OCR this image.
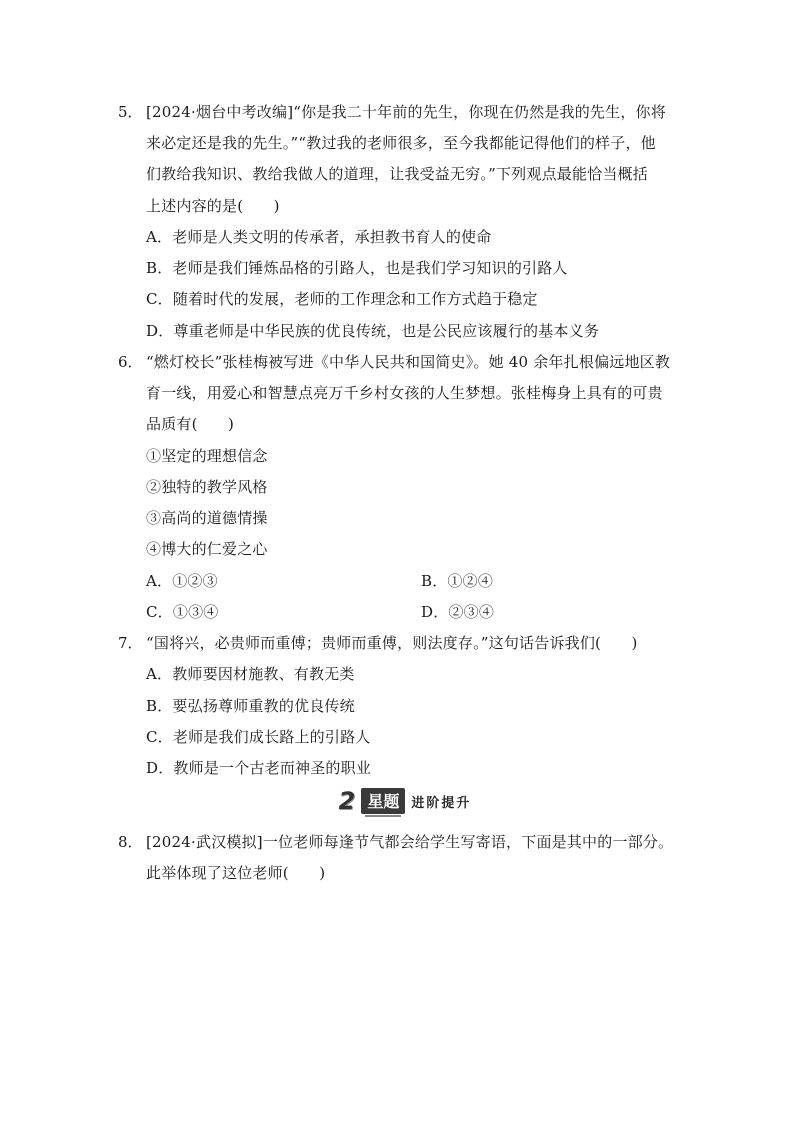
5． [2024·烟台中考改编]“你是我二十年前的先生，你现在仍然是我的先生，你将
来必定还是我的先生。”“教过我的老师很多，至今我都能记得他们的样子，他
们教给我知识、教给我做人的道理，让我受益无穷。”下列观点最能恰当概括
上述内容的是(　　)
A．老师是人类文明的传承者，承担教书育人的使命
B．老师是我们锤炼品格的引路人，也是我们学习知识的引路人
C．随着时代的发展，老师的工作理念和工作方式趋于稳定
D．尊重老师是中华民族的优良传统，也是公民应该履行的基本义务
6． “燃灯校长”张桂梅被写进《中华人民共和国简史》。她 40 余年扎根偏远地区教
育一线，用爱心和智慧点亮万千乡村女孩的人生梦想。张桂梅身上具有的可贵
品质有(　　)
①坚定的理想信念
②独特的教学风格
③高尚的道德情操
④博大的仁爱之心
A．①②③	B．①②④
C．①③④	D．②③④
7． “国将兴，必贵师而重傅；贵师而重傅，则法度存。”这句话告诉我们(　　)
A．教师要因材施教、有教无类
B．要弘扬尊师重教的优良传统
C．老师是我们成长路上的引路人
D．教师是一个古老而神圣的职业
2 星题 进阶提升
8． [2024·武汉模拟]一位老师每逢节气都会给学生写寄语，下面是其中的一部分。
此举体现了这位老师(　　)
